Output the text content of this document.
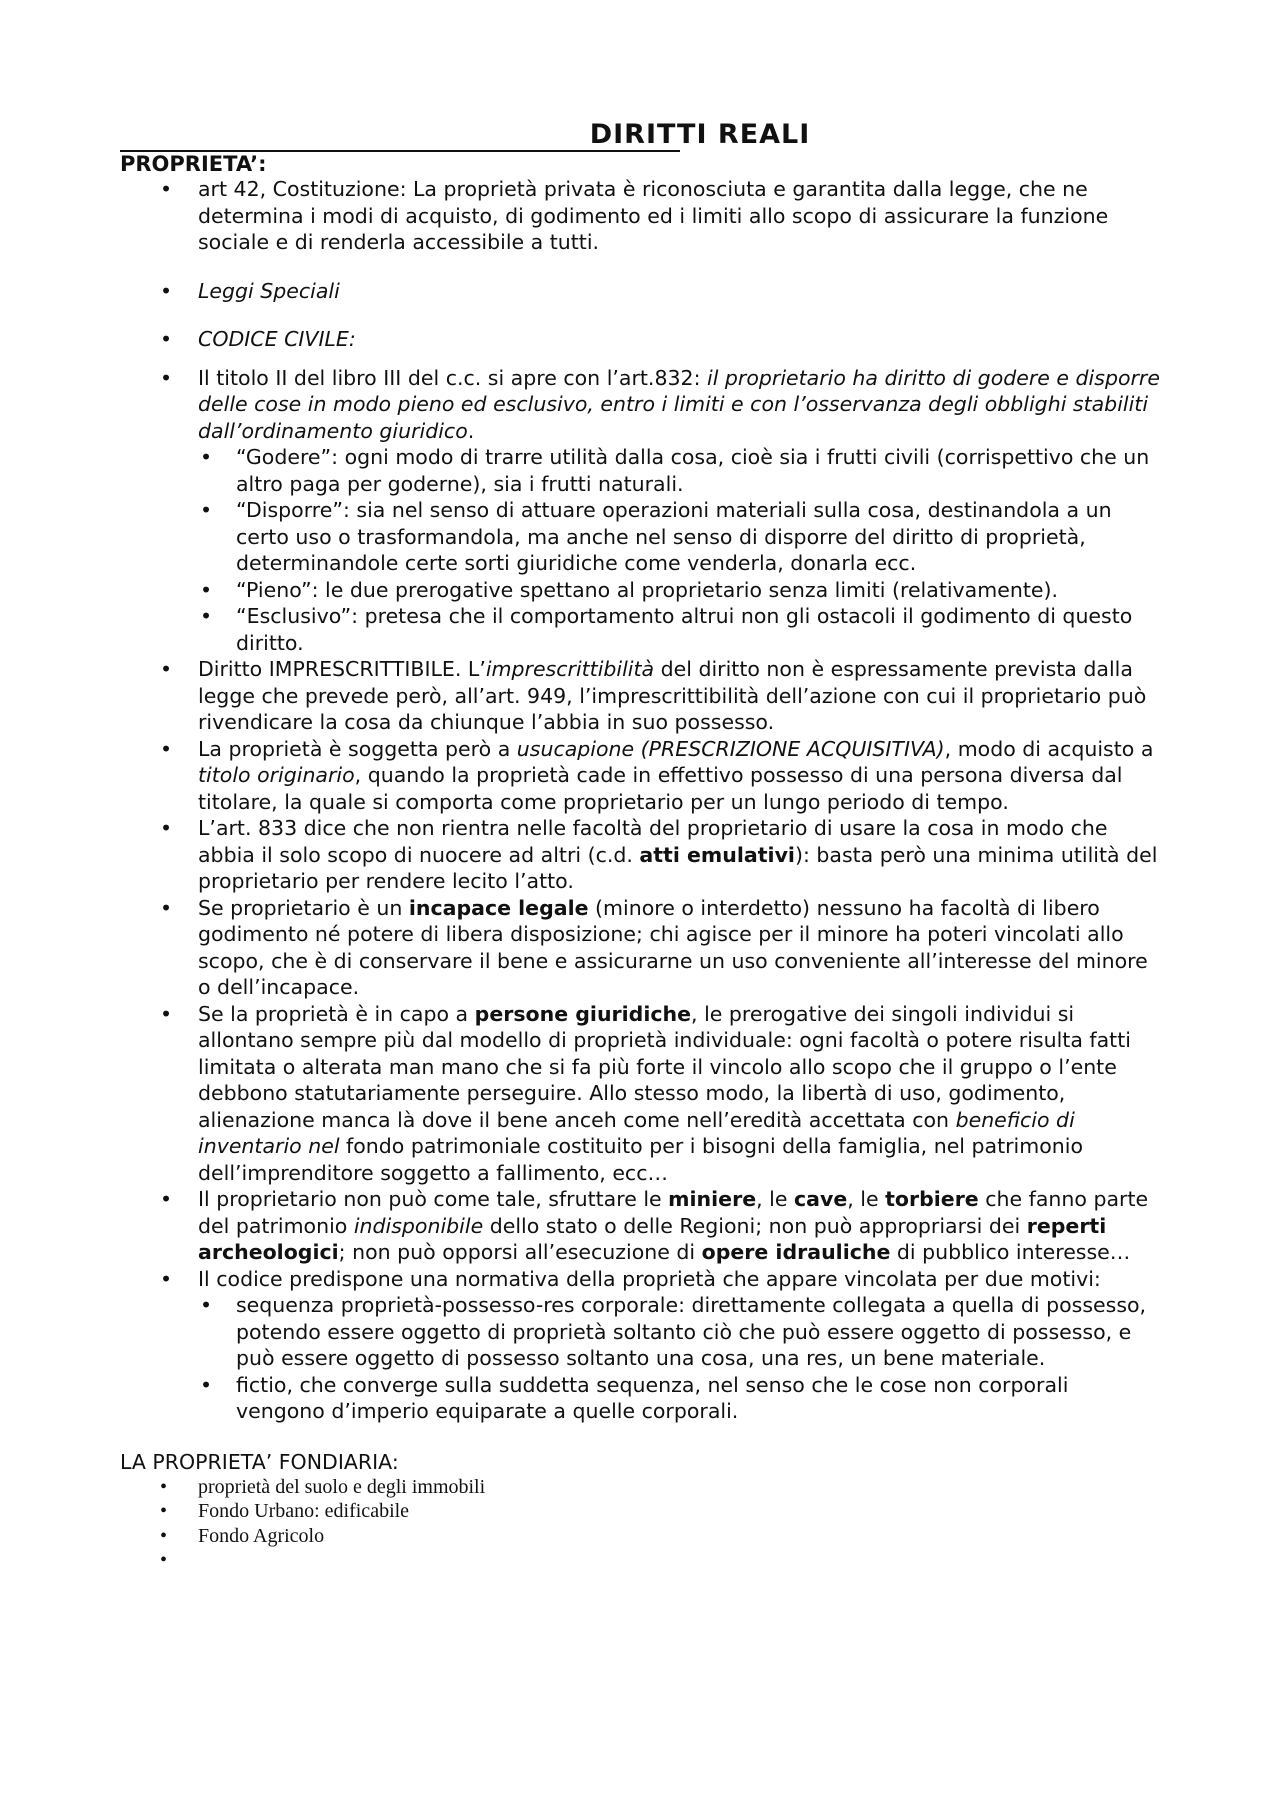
DIRITTI REALI
PROPRIETA’:
• art 42, Costituzione: La proprietà privata è riconosciuta e garantita dalla legge, che ne determina i modi di acquisto, di godimento ed i limiti allo scopo di assicurare la funzione sociale e di renderla accessibile a tutti.
• Leggi Speciali
• CODICE CIVILE:
• Il titolo II del libro III del c.c. si apre con l’art.832: il proprietario ha diritto di godere e disporre delle cose in modo pieno ed esclusivo, entro i limiti e con l’osservanza degli obblighi stabiliti dall’ordinamento giuridico.
• “Godere”: ogni modo di trarre utilità dalla cosa, cioè sia i frutti civili (corrispettivo che un altro paga per goderne), sia i frutti naturali.
• “Disporre”: sia nel senso di attuare operazioni materiali sulla cosa, destinandola a un certo uso o trasformandola, ma anche nel senso di disporre del diritto di proprietà, determinandole certe sorti giuridiche come venderla, donarla ecc.
• “Pieno”: le due prerogative spettano al proprietario senza limiti (relativamente).
• “Esclusivo”: pretesa che il comportamento altrui non gli ostacoli il godimento di questo diritto.
• Diritto IMPRESCRITTIBILE. L’imprescrittibilità del diritto non è espressamente prevista dalla legge che prevede però, all’art. 949, l’imprescrittibilità dell’azione con cui il proprietario può rivendicare la cosa da chiunque l’abbia in suo possesso.
• La proprietà è soggetta però a usucapione (PRESCRIZIONE ACQUISITIVA), modo di acquisto a titolo originario, quando la proprietà cade in effettivo possesso di una persona diversa dal titolare, la quale si comporta come proprietario per un lungo periodo di tempo.
• L’art. 833 dice che non rientra nelle facoltà del proprietario di usare la cosa in modo che abbia il solo scopo di nuocere ad altri (c.d. atti emulativi): basta però una minima utilità del proprietario per rendere lecito l’atto.
• Se proprietario è un incapace legale (minore o interdetto) nessuno ha facoltà di libero godimento né potere di libera disposizione; chi agisce per il minore ha poteri vincolati allo scopo, che è di conservare il bene e assicurarne un uso conveniente all’interesse del minore o dell’incapace.
• Se la proprietà è in capo a persone giuridiche, le prerogative dei singoli individui si allontano sempre più dal modello di proprietà individuale: ogni facoltà o potere risulta fatti limitata o alterata man mano che si fa più forte il vincolo allo scopo che il gruppo o l’ente debbono statutariamente perseguire. Allo stesso modo, la libertà di uso, godimento, alienazione manca là dove il bene anceh come nell’eredità accettata con beneficio di inventario nel fondo patrimoniale costituito per i bisogni della famiglia, nel patrimonio dell’imprenditore soggetto a fallimento, ecc…
• Il proprietario non può come tale, sfruttare le miniere, le cave, le torbiere che fanno parte del patrimonio indisponibile dello stato o delle Regioni; non può appropriarsi dei reperti archeologici; non può opporsi all’esecuzione di opere idrauliche di pubblico interesse…
• Il codice predispone una normativa della proprietà che appare vincolata per due motivi:
• sequenza proprietà-possesso-res corporale: direttamente collegata a quella di possesso, potendo essere oggetto di proprietà soltanto ciò che può essere oggetto di possesso, e può essere oggetto di possesso soltanto una cosa, una res, un bene materiale.
• fictio, che converge sulla suddetta sequenza, nel senso che le cose non corporali vengono d’imperio equiparate a quelle corporali.
LA PROPRIETA’ FONDIARIA:
• proprietà del suolo e degli immobili
• Fondo Urbano: edificabile
• Fondo Agricolo
•
